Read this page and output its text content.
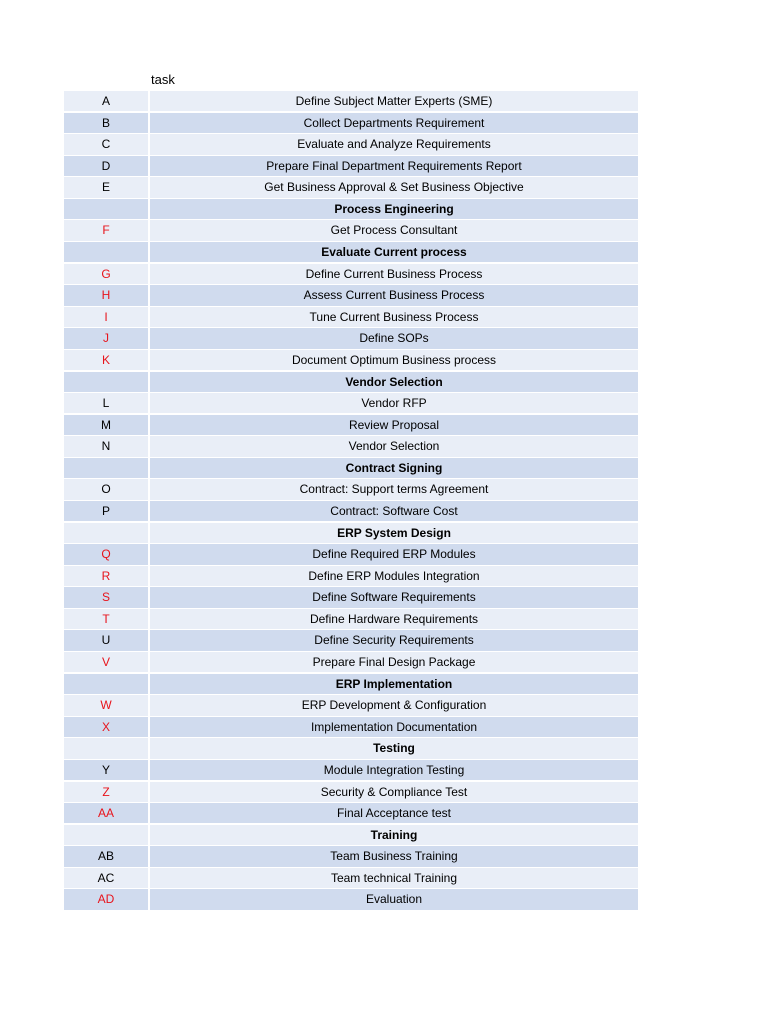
task
A	Define Subject Matter Experts (SME)
B	Collect Departments Requirement
C	Evaluate and Analyze Requirements
D	Prepare Final Department Requirements Report
E	Get Business Approval & Set Business Objective
Process Engineering
F	Get Process Consultant
Evaluate Current process
G	Define Current Business Process
H	Assess Current Business Process
I	Tune Current Business Process
J	Define SOPs
K	Document Optimum Business process
Vendor Selection
L	Vendor RFP
M	Review Proposal
N	Vendor Selection
Contract Signing
O	Contract: Support terms Agreement
P	Contract: Software Cost
ERP System Design
Q	Define Required ERP Modules
R	Define ERP Modules Integration
S	Define Software Requirements
T	Define Hardware Requirements
U	Define Security Requirements
V	Prepare Final Design Package
ERP Implementation
W	ERP Development & Configuration
X	Implementation Documentation
Testing
Y	Module Integration Testing
Z	Security & Compliance Test
AA	Final Acceptance test
Training
AB	Team Business Training
AC	Team technical Training
AD	Evaluation
